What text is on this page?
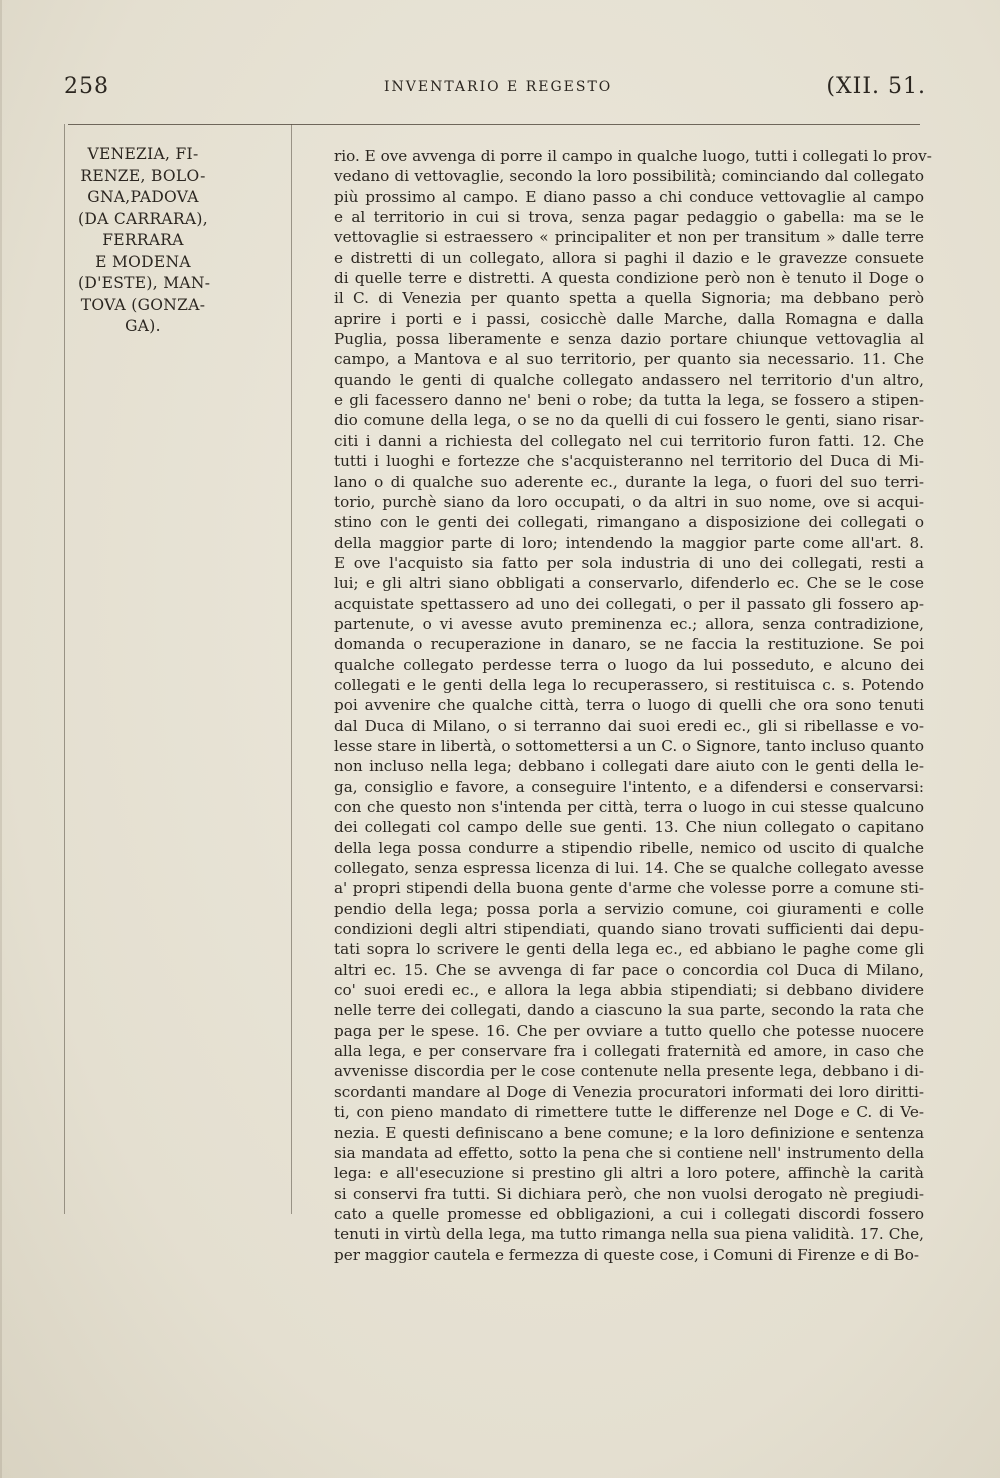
258	INVENTARIO E REGESTO	(XII. 51.
VENEZIA, FI-
RENZE, BOLO-
GNA,PADOVA
(DA CARRARA),
FERRARA
E MODENA
(D'ESTE), MAN-
TOVA (GONZA-
GA).
rio. E ove avvenga di porre il campo in qualche luogo, tutti i collegati lo prov-
vedano di vettovaglie, secondo la loro possibilità; cominciando dal collegato
più prossimo al campo. E diano passo a chi conduce vettovaglie al campo
e al territorio in cui si trova, senza pagar pedaggio o gabella: ma se le
vettovaglie si estraessero « principaliter et non per transitum » dalle terre
e distretti di un collegato, allora si paghi il dazio e le gravezze consuete
di quelle terre e distretti. A questa condizione però non è tenuto il Doge o
il C. di Venezia per quanto spetta a quella Signoria; ma debbano però
aprire i porti e i passi, cosicchè dalle Marche, dalla Romagna e dalla
Puglia, possa liberamente e senza dazio portare chiunque vettovaglia al
campo, a Mantova e al suo territorio, per quanto sia necessario. 11. Che
quando le genti di qualche collegato andassero nel territorio d'un altro,
e gli facessero danno ne' beni o robe; da tutta la lega, se fossero a stipen-
dio comune della lega, o se no da quelli di cui fossero le genti, siano risar-
citi i danni a richiesta del collegato nel cui territorio furon fatti. 12. Che
tutti i luoghi e fortezze che s'acquisteranno nel territorio del Duca di Mi-
lano o di qualche suo aderente ec., durante la lega, o fuori del suo terri-
torio, purchè siano da loro occupati, o da altri in suo nome, ove si acqui-
stino con le genti dei collegati, rimangano a disposizione dei collegati o
della maggior parte di loro; intendendo la maggior parte come all'art. 8.
E ove l'acquisto sia fatto per sola industria di uno dei collegati, resti a
lui; e gli altri siano obbligati a conservarlo, difenderlo ec. Che se le cose
acquistate spettassero ad uno dei collegati, o per il passato gli fossero ap-
partenute, o vi avesse avuto preminenza ec.; allora, senza contradizione,
domanda o recuperazione in danaro, se ne faccia la restituzione. Se poi
qualche collegato perdesse terra o luogo da lui posseduto, e alcuno dei
collegati e le genti della lega lo recuperassero, si restituisca c. s. Potendo
poi avvenire che qualche città, terra o luogo di quelli che ora sono tenuti
dal Duca di Milano, o si terranno dai suoi eredi ec., gli si ribellasse e vo-
lesse stare in libertà, o sottomettersi a un C. o Signore, tanto incluso quanto
non incluso nella lega; debbano i collegati dare aiuto con le genti della le-
ga, consiglio e favore, a conseguire l'intento, e a difendersi e conservarsi:
con che questo non s'intenda per città, terra o luogo in cui stesse qualcuno
dei collegati col campo delle sue genti. 13. Che niun collegato o capitano
della lega possa condurre a stipendio ribelle, nemico od uscito di qualche
collegato, senza espressa licenza di lui. 14. Che se qualche collegato avesse
a' propri stipendi della buona gente d'arme che volesse porre a comune sti-
pendio della lega; possa porla a servizio comune, coi giuramenti e colle
condizioni degli altri stipendiati, quando siano trovati sufficienti dai depu-
tati sopra lo scrivere le genti della lega ec., ed abbiano le paghe come gli
altri ec. 15. Che se avvenga di far pace o concordia col Duca di Milano,
co' suoi eredi ec., e allora la lega abbia stipendiati; si debbano dividere
nelle terre dei collegati, dando a ciascuno la sua parte, secondo la rata che
paga per le spese. 16. Che per ovviare a tutto quello che potesse nuocere
alla lega, e per conservare fra i collegati fraternità ed amore, in caso che
avvenisse discordia per le cose contenute nella presente lega, debbano i di-
scordanti mandare al Doge di Venezia procuratori informati dei loro diritti-
ti, con pieno mandato di rimettere tutte le differenze nel Doge e C. di Ve-
nezia. E questi definiscano a bene comune; e la loro definizione e sentenza
sia mandata ad effetto, sotto la pena che si contiene nell' instrumento della
lega: e all'esecuzione si prestino gli altri a loro potere, affinchè la carità
si conservi fra tutti. Si dichiara però, che non vuolsi derogato nè pregiudi-
cato a quelle promesse ed obbligazioni, a cui i collegati discordi fossero
tenuti in virtù della lega, ma tutto rimanga nella sua piena validità. 17. Che,
per maggior cautela e fermezza di queste cose, i Comuni di Firenze e di Bo-
